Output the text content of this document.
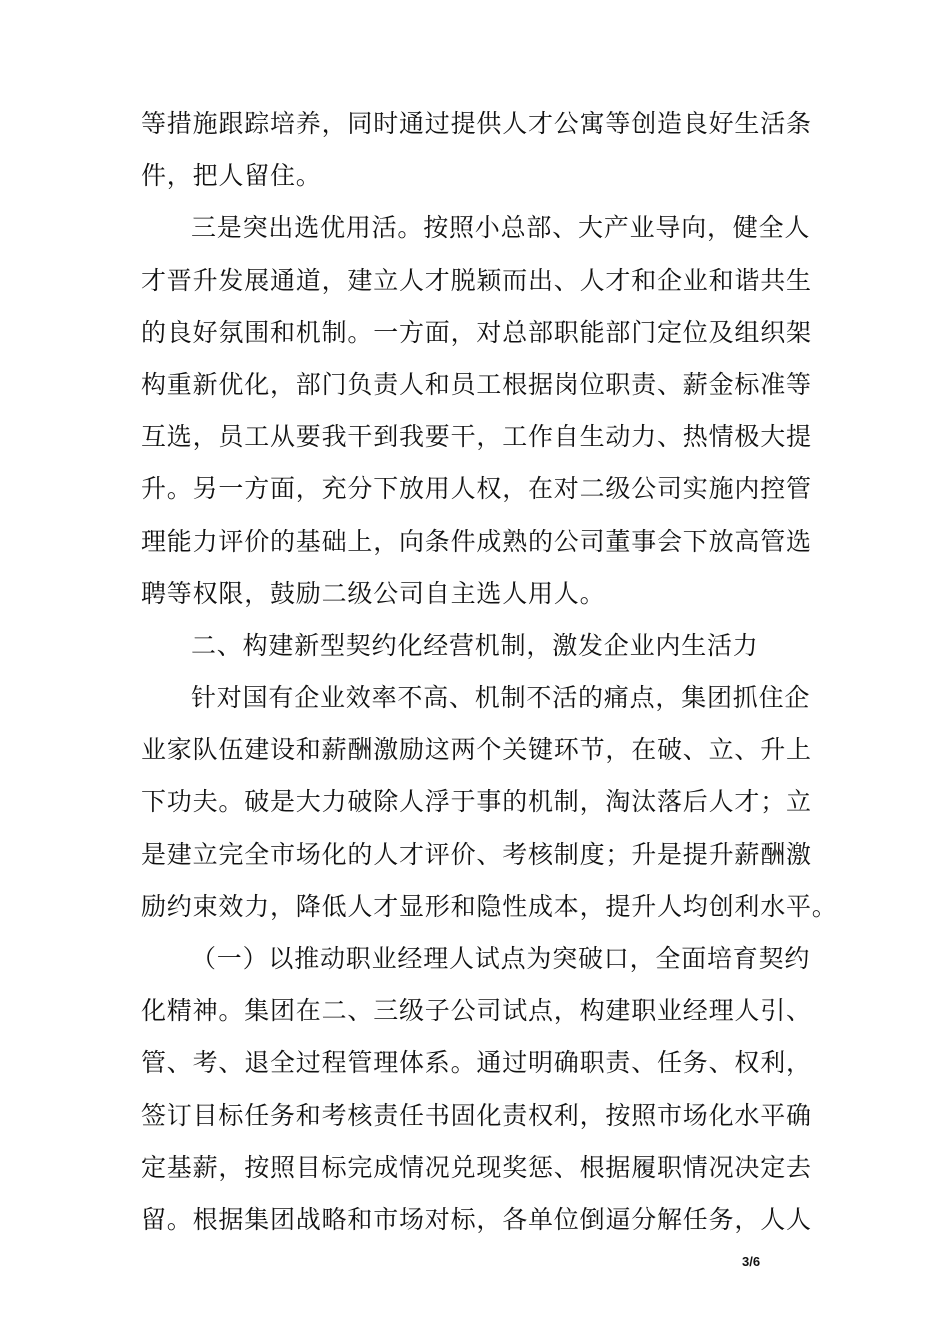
等措施跟踪培养，同时通过提供人才公寓等创造良好生活条
件，把人留住。
三是突出选优用活。按照小总部、大产业导向，健全人
才晋升发展通道，建立人才脱颖而出、人才和企业和谐共生
的良好氛围和机制。一方面，对总部职能部门定位及组织架
构重新优化，部门负责人和员工根据岗位职责、薪金标准等
互选，员工从要我干到我要干，工作自生动力、热情极大提
升。另一方面，充分下放用人权，在对二级公司实施内控管
理能力评价的基础上，向条件成熟的公司董事会下放高管选
聘等权限，鼓励二级公司自主选人用人。
二、构建新型契约化经营机制，激发企业内生活力
针对国有企业效率不高、机制不活的痛点，集团抓住企
业家队伍建设和薪酬激励这两个关键环节，在破、立、升上
下功夫。破是大力破除人浮于事的机制，淘汰落后人才；立
是建立完全市场化的人才评价、考核制度；升是提升薪酬激
励约束效力，降低人才显形和隐性成本，提升人均创利水平。
（一）以推动职业经理人试点为突破口，全面培育契约
化精神。集团在二、三级子公司试点，构建职业经理人引、
管、考、退全过程管理体系。通过明确职责、任务、权利，
签订目标任务和考核责任书固化责权利，按照市场化水平确
定基薪，按照目标完成情况兑现奖惩、根据履职情况决定去
留。根据集团战略和市场对标，各单位倒逼分解任务，人人
3/6
